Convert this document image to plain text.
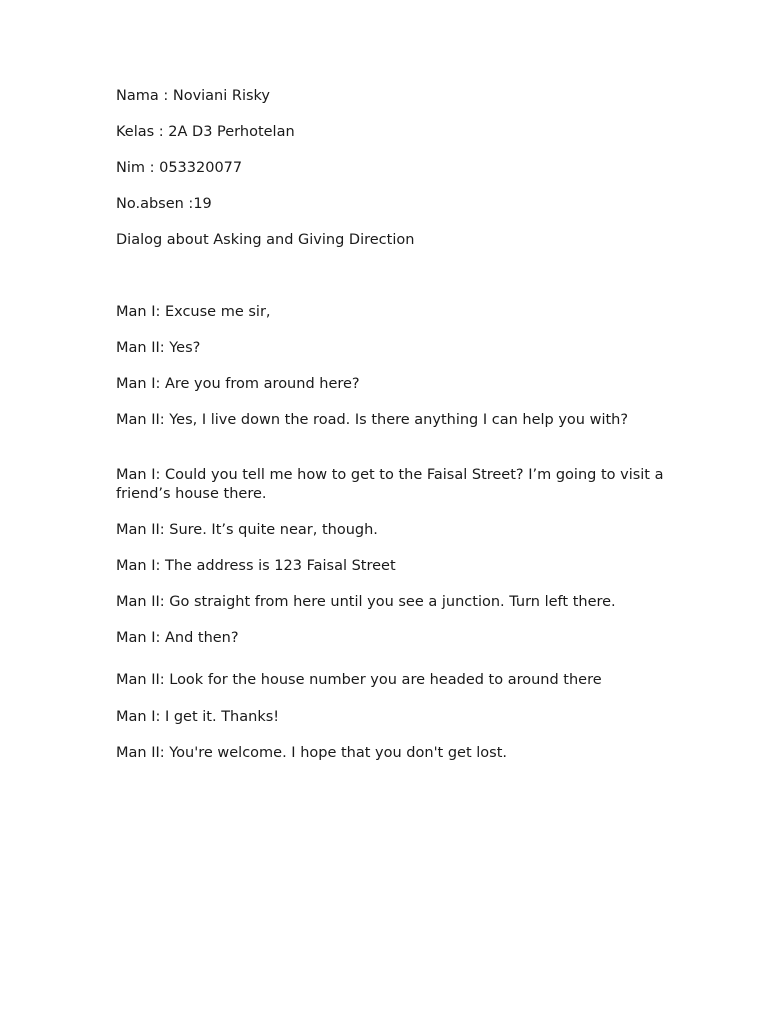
Nama : Noviani Risky

Kelas : 2A D3 Perhotelan

Nim : 053320077

No.absen :19

Dialog about Asking and Giving Direction

Man I: Excuse me sir,

Man II: Yes?

Man I: Are you from around here?

Man II: Yes, I live down the road. Is there anything I can help you with?

Man I: Could you tell me how to get to the Faisal Street? I’m going to visit a friend’s house there.

Man II: Sure. It’s quite near, though.

Man I: The address is 123 Faisal Street

Man II: Go straight from here until you see a junction. Turn left there.

Man I: And then?

Man II: Look for the house number you are headed to around there

Man I: I get it. Thanks!

Man II: You're welcome. I hope that you don't get lost.
